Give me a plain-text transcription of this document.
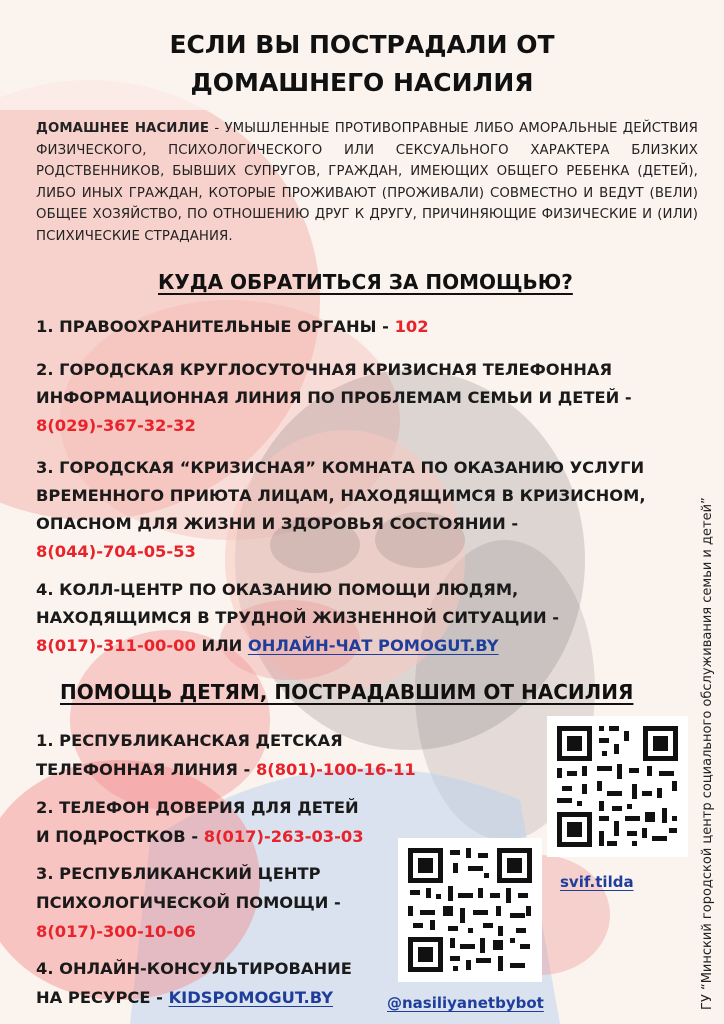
ЕСЛИ ВЫ ПОСТРАДАЛИ ОТ
ДОМАШНЕГО НАСИЛИЯ
ДОМАШНЕЕ НАСИЛИЕ - УМЫШЛЕННЫЕ ПРОТИВОПРАВНЫЕ ЛИБО АМОРАЛЬНЫЕ ДЕЙСТВИЯ ФИЗИЧЕСКОГО, ПСИХОЛОГИЧЕСКОГО ИЛИ СЕКСУАЛЬНОГО ХАРАКТЕРА БЛИЗКИХ РОДСТВЕННИКОВ, БЫВШИХ СУПРУГОВ, ГРАЖДАН, ИМЕЮЩИХ ОБЩЕГО РЕБЕНКА (ДЕТЕЙ), ЛИБО ИНЫХ ГРАЖДАН, КОТОРЫЕ ПРОЖИВАЮТ (ПРОЖИВАЛИ) СОВМЕСТНО И ВЕДУТ (ВЕЛИ) ОБЩЕЕ ХОЗЯЙСТВО, ПО ОТНОШЕНИЮ ДРУГ К ДРУГУ, ПРИЧИНЯЮЩИЕ ФИЗИЧЕСКИЕ И (ИЛИ) ПСИХИЧЕСКИЕ СТРАДАНИЯ.
КУДА ОБРАТИТЬСЯ ЗА ПОМОЩЬЮ?
1. ПРАВООХРАНИТЕЛЬНЫЕ ОРГАНЫ - 102
2. ГОРОДСКАЯ КРУГЛОСУТОЧНАЯ КРИЗИСНАЯ ТЕЛЕФОННАЯ
ИНФОРМАЦИОННАЯ ЛИНИЯ ПО ПРОБЛЕМАМ СЕМЬИ И ДЕТЕЙ -
8(029)-367-32-32
3. ГОРОДСКАЯ “КРИЗИСНАЯ” КОМНАТА ПО ОКАЗАНИЮ УСЛУГИ
ВРЕМЕННОГО ПРИЮТА ЛИЦАМ, НАХОДЯЩИМСЯ В КРИЗИСНОМ,
ОПАСНОМ ДЛЯ ЖИЗНИ И ЗДОРОВЬЯ СОСТОЯНИИ -
8(044)-704-05-53
4. КОЛЛ-ЦЕНТР ПО ОКАЗАНИЮ ПОМОЩИ ЛЮДЯМ,
НАХОДЯЩИМСЯ В ТРУДНОЙ ЖИЗНЕННОЙ СИТУАЦИИ -
8(017)-311-00-00 ИЛИ ОНЛАЙН-ЧАТ POMOGUT.BY
ПОМОЩЬ ДЕТЯМ, ПОСТРАДАВШИМ ОТ НАСИЛИЯ
1. РЕСПУБЛИКАНСКАЯ ДЕТСКАЯ
ТЕЛЕФОННАЯ ЛИНИЯ - 8(801)-100-16-11
2. ТЕЛЕФОН ДОВЕРИЯ ДЛЯ ДЕТЕЙ
И ПОДРОСТКОВ - 8(017)-263-03-03
3. РЕСПУБЛИКАНСКИЙ ЦЕНТР
ПСИХОЛОГИЧЕСКОЙ ПОМОЩИ -
8(017)-300-10-06
4. ОНЛАЙН-КОНСУЛЬТИРОВАНИЕ
НА РЕСУРСЕ - KIDSPOMOGUT.BY
svif.tilda
@nasiliyanetbybot	ГУ “Минский городской центр социального обслуживания семьи и детей”
